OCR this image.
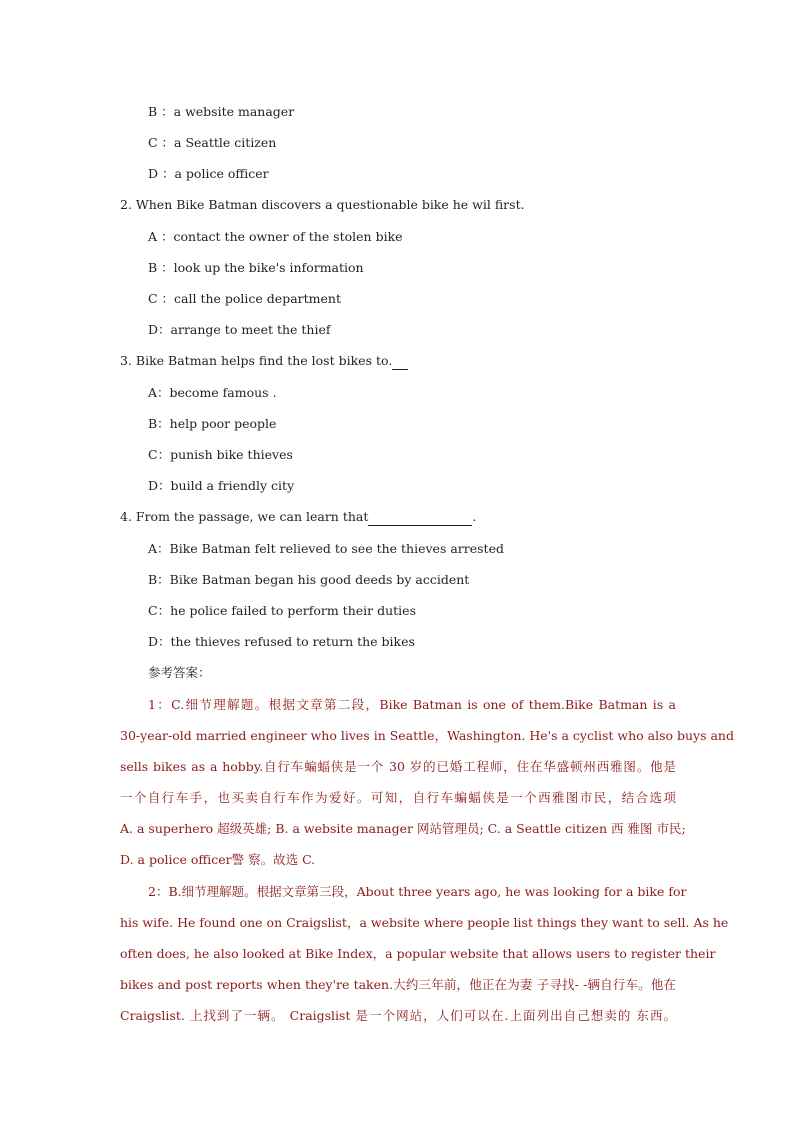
B ：a website manager
C ：a Seattle citizen
D ：a police officer
2. When Bike Batman discovers a questionable bike he wil first.
A ：contact the owner of the stolen bike
B ：look up the bike's information
C ：call the police department
D：arrange to meet the thief
3. Bike Batman helps find the lost bikes to.
A：become famous .
B：help poor people
C：punish bike thieves
D：build a friendly city
4. From the passage, we can learn that	.
A：Bike Batman felt relieved to see the thieves arrested
B：Bike Batman began his good deeds by accident
C：he police failed to perform their duties
D：the thieves refused to return the bikes
参考答案：
1：C.细节理解题。根据文章第二段，Bike Batman is one of them.Bike Batman is a
30-year-old married engineer who lives in Seattle，Washington. He's a cyclist who also buys and
sells bikes as a hobby.自行车蝙蝠侠是一个 30 岁的已婚工程师，住在华盛顿州西雅图。他是
一个自行车手，也买卖自行车作为爱好。可知，自行车蝙蝠侠是一个西雅图市民，结合选项
A. a superhero 超级英雄; B. a website manager 网站管理员; C. a Seattle citizen 西 雅图 市民;
D. a police officer警 察。故选 C.
2：B.细节理解题。根据文章第三段，About three years ago, he was looking for a bike for
his wife. He found one on Craigslist，a website where people list things they want to sell. As he
often does, he also looked at Bike Index，a popular website that allows users to register their
bikes and post reports when they're taken.大约三年前，他正在为妻 子寻找- -辆自行车。他在
Craigslist. 上找到了一辆。 Craigslist 是一个网站，人们可以在.上面列出自己想卖的 东西。
